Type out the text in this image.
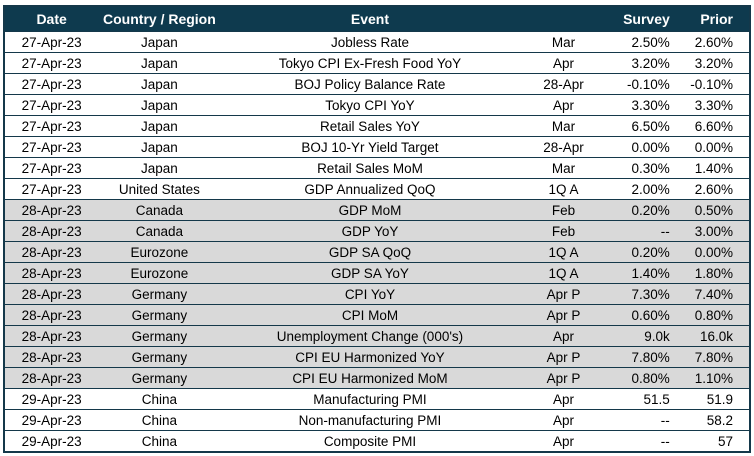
Date	Country / Region	Event		Survey	Prior
27-Apr-23	Japan	Jobless Rate	Mar	2.50%	2.60%
27-Apr-23	Japan	Tokyo CPI Ex-Fresh Food YoY	Apr	3.20%	3.20%
27-Apr-23	Japan	BOJ Policy Balance Rate	28-Apr	-0.10%	-0.10%
27-Apr-23	Japan	Tokyo CPI YoY	Apr	3.30%	3.30%
27-Apr-23	Japan	Retail Sales YoY	Mar	6.50%	6.60%
27-Apr-23	Japan	BOJ 10-Yr Yield Target	28-Apr	0.00%	0.00%
27-Apr-23	Japan	Retail Sales MoM	Mar	0.30%	1.40%
27-Apr-23	United States	GDP Annualized QoQ	1Q A	2.00%	2.60%
28-Apr-23	Canada	GDP MoM	Feb	0.20%	0.50%
28-Apr-23	Canada	GDP YoY	Feb	--	3.00%
28-Apr-23	Eurozone	GDP SA QoQ	1Q A	0.20%	0.00%
28-Apr-23	Eurozone	GDP SA YoY	1Q A	1.40%	1.80%
28-Apr-23	Germany	CPI YoY	Apr P	7.30%	7.40%
28-Apr-23	Germany	CPI MoM	Apr P	0.60%	0.80%
28-Apr-23	Germany	Unemployment Change (000's)	Apr	9.0k	16.0k
28-Apr-23	Germany	CPI EU Harmonized YoY	Apr P	7.80%	7.80%
28-Apr-23	Germany	CPI EU Harmonized MoM	Apr P	0.80%	1.10%
29-Apr-23	China	Manufacturing PMI	Apr	51.5	51.9
29-Apr-23	China	Non-manufacturing PMI	Apr	--	58.2
29-Apr-23	China	Composite PMI	Apr	--	57
